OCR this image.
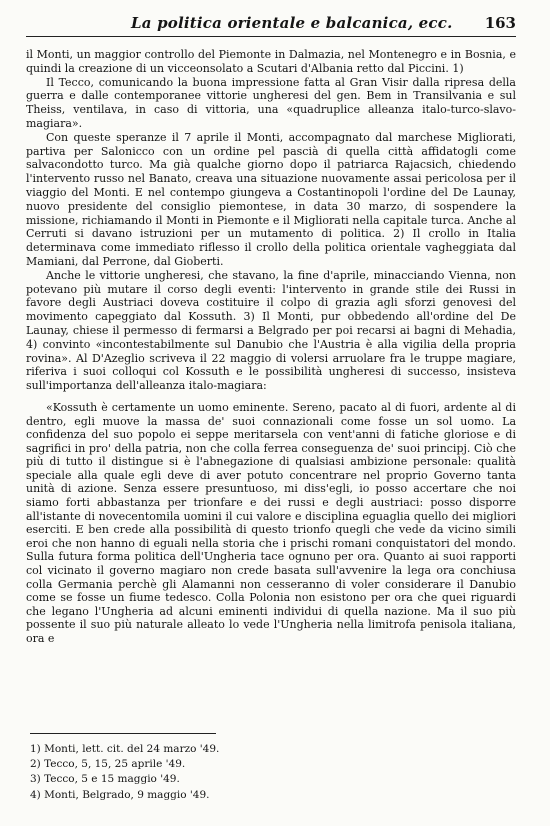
La politica orientale e balcanica, ecc. 163

il Monti, un maggior controllo del Piemonte in Dalmazia, nel Montenegro e in Bosnia, e quindi la creazione di un vicceonsolato a Scutari d'Albania retto dal Piccini. 1)

Il Tecco, comunicando la buona impressione fatta al Gran Visir dalla ripresa della guerra e dalle contemporanee vittorie ungheresi del gen. Bem in Transilvania e sul Theiss, ventilava, in caso di vittoria, una «quadruplice alleanza italo-turco-slavo-magiara».

Con queste speranze il 7 aprile il Monti, accompagnato dal marchese Migliorati, partiva per Salonicco con un ordine pel pascià di quella città affidatogli come salvacondotto turco. Ma già qualche giorno dopo il patriarca Rajacsich, chiedendo l'intervento russo nel Banato, creava una situazione nuovamente assai pericolosa per il viaggio del Monti. E nel contempo giungeva a Costantinopoli l'ordine del De Launay, nuovo presidente del consiglio piemontese, in data 30 marzo, di sospendere la missione, richiamando il Monti in Piemonte e il Migliorati nella capitale turca. Anche al Cerruti si davano istruzioni per un mutamento di politica. 2) Il crollo in Italia determinava come immediato riflesso il crollo della politica orientale vagheggiata dal Mamiani, dal Perrone, dal Gioberti.

Anche le vittorie ungheresi, che stavano, la fine d'aprile, minacciando Vienna, non potevano più mutare il corso degli eventi: l'intervento in grande stile dei Russi in favore degli Austriaci doveva costituire il colpo di grazia agli sforzi genovesi del movimento capeggiato dal Kossuth. 3) Il Monti, pur obbedendo all'ordine del De Launay, chiese il permesso di fermarsi a Belgrado per poi recarsi ai bagni di Mehadia, 4) convinto «incontestabilmente sul Danubio che l'Austria è alla vigilia della propria rovina». Al D'Azeglio scriveva il 22 maggio di volersi arruolare fra le truppe magiare, riferiva i suoi colloqui col Kossuth e le possibilità ungheresi di successo, insisteva sull'importanza dell'alleanza italo-magiara:

«Kossuth è certamente un uomo eminente. Sereno, pacato al di fuori, ardente al di dentro, egli muove la massa de' suoi connazionali come fosse un sol uomo. La confidenza del suo popolo ei seppe meritarsela con vent'anni di fatiche gloriose e di sagrifici in pro' della patria, non che colla ferrea conseguenza de' suoi principj. Ciò che più di tutto il distingue si è l'abnegazione di qualsiasi ambizione personale: qualità speciale alla quale egli deve di aver potuto concentrare nel proprio Governo tanta unità di azione. Senza essere presuntuoso, mi diss'egli, io posso accertare che noi siamo forti abbastanza per trionfare e dei russi e degli austriaci: posso disporre all'istante di novecentomila uomini il cui valore e disciplina eguaglia quello dei migliori eserciti. E ben crede alla possibilità di questo trionfo quegli che vede da vicino simili eroi che non hanno di eguali nella storia che i prischi romani conquistatori del mondo. Sulla futura forma politica dell'Ungheria tace ognuno per ora. Quanto ai suoi rapporti col vicinato il governo magiaro non crede basata sull'avvenire la lega ora conchiusa colla Germania perchè gli Alamanni non cesseranno di voler considerare il Danubio come se fosse un fiume tedesco. Colla Polonia non esistono per ora che quei riguardi che legano l'Ungheria ad alcuni eminenti individui di quella nazione. Ma il suo più possente il suo più naturale alleato lo vede l'Ungheria nella limitrofa penisola italiana, ora e

1) Monti, lett. cit. del 24 marzo '49.
2) Tecco, 5, 15, 25 aprile '49.
3) Tecco, 5 e 15 maggio '49.
4) Monti, Belgrado, 9 maggio '49.
